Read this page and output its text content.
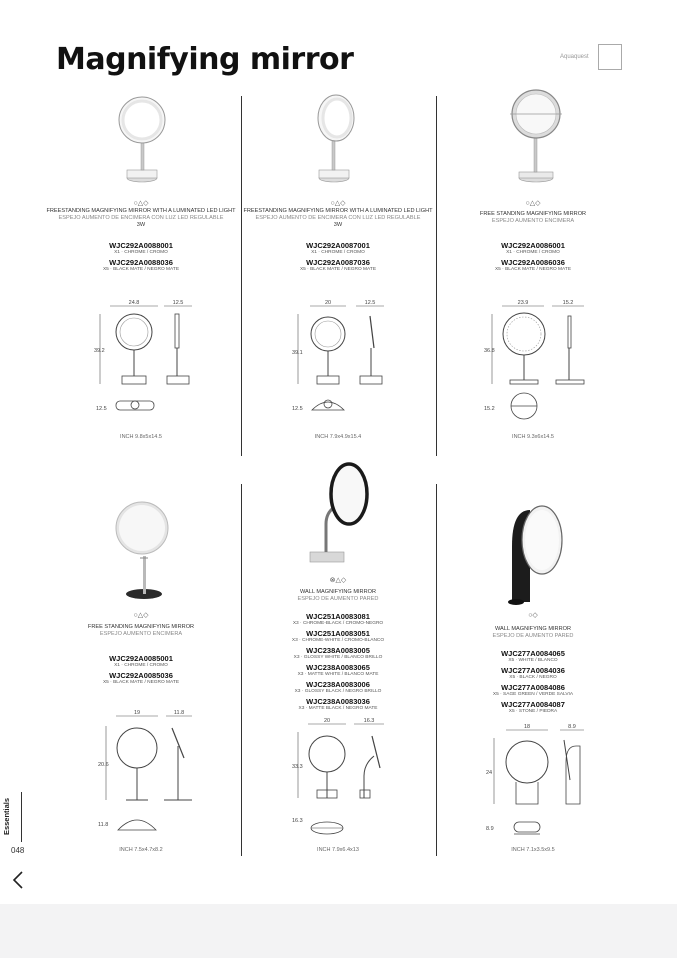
Magnifying mirror	Aquaquest
○△◇
FREESTANDING MAGNIFYING MIRROR WITH A LUMINATED LED LIGHT
ESPEJO AUMENTO DE ENCIMERA CON LUZ LED REGULABLE
3W
WJC292A0088001
X1 · CHROME / CROMO
WJC292A0088036
X5 · BLACK MATE / NEGRO MATE
24.8	12.5
39.2
12.5
INCH 9.8x5x14.5
○△◇
FREESTANDING MAGNIFYING MIRROR WITH A LUMINATED LED LIGHT
ESPEJO AUMENTO DE ENCIMERA CON LUZ LED REGULABLE
3W
WJC292A0087001
X1 · CHROME / CROMO
WJC292A0087036
X5 · BLACK MATE / NEGRO MATE
20	12.5
39.1
12.5
INCH 7.9x4.9x15.4
○△◇
FREE STANDING MAGNIFYING MIRROR
ESPEJO AUMENTO ENCIMERA
WJC292A0086001
X1 · CHROME / CROMO
WJC292A0086036
X5 · BLACK MATE / NEGRO MATE
23.9	15.2
36.8
15.2
INCH 9.3x6x14.5
○△◇
FREE STANDING MAGNIFYING MIRROR
ESPEJO AUMENTO ENCIMERA
WJC292A0085001
X1 · CHROME / CROMO
WJC292A0085036
X5 · BLACK MATE / NEGRO MATE
19	11.8
20.6
11.8
INCH 7.5x4.7x8.2
⊗△◇
WALL MAGNIFYING MIRROR
ESPEJO DE AUMENTO PARED
WJC251A0083081
X3 · CHROME-BLACK / CROMO-NEGRO
WJC251A0083051
X3 · CHROME-WHITE / CROMO-BLANCO
WJC238A0083005
X3 · GLOSSY WHITE / BLANCO BRILLO
WJC238A0083065
X3 · MATTE WHITE / BLANCO MATE
WJC238A0083006
X3 · GLOSSY BLACK / NEGRO BRILLO
WJC238A0083036
X3 · MATTE BLACK / NEGRO MATE
20	16.3
33.3
16.3
INCH 7.9x6.4x13
○◇
WALL MAGNIFYING MIRROR
ESPEJO DE AUMENTO PARED
WJC277A0084065
X5 · WHITE / BLANCO
WJC277A0084036
X5 · BLACK / NEGRO
WJC277A0084086
X5 · SAGE GREEN / VERDE SALVIA
WJC277A0084087
X5 · STONE / PIEDRA
18	8.9
24
8.9
INCH 7.1x3.5x9.5
Essentials
048
